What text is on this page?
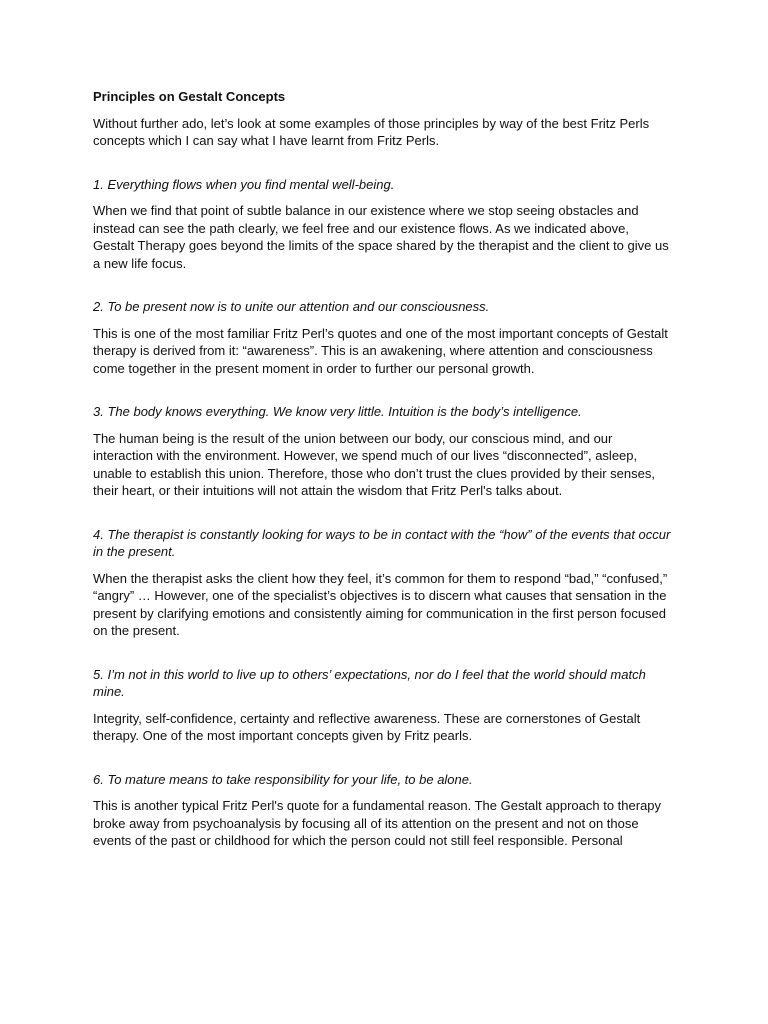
Principles on Gestalt Concepts

Without further ado, let’s look at some examples of those principles by way of the best Fritz Perls concepts which I can say what I have learnt from Fritz Perls.

1. Everything flows when you find mental well-being.

When we find that point of subtle balance in our existence where we stop seeing obstacles and instead can see the path clearly, we feel free and our existence flows. As we indicated above, Gestalt Therapy goes beyond the limits of the space shared by the therapist and the client to give us a new life focus.

2. To be present now is to unite our attention and our consciousness.

This is one of the most familiar Fritz Perl’s quotes and one of the most important concepts of Gestalt therapy is derived from it: “awareness”. This is an awakening, where attention and consciousness come together in the present moment in order to further our personal growth.

3. The body knows everything. We know very little. Intuition is the body’s intelligence.

The human being is the result of the union between our body, our conscious mind, and our interaction with the environment. However, we spend much of our lives “disconnected”, asleep, unable to establish this union. Therefore, those who don’t trust the clues provided by their senses, their heart, or their intuitions will not attain the wisdom that Fritz Perl's talks about.

4. The therapist is constantly looking for ways to be in contact with the “how” of the events that occur in the present.

When the therapist asks the client how they feel, it’s common for them to respond “bad,” “confused,” “angry” … However, one of the specialist’s objectives is to discern what causes that sensation in the present by clarifying emotions and consistently aiming for communication in the first person focused on the present.

5. I’m not in this world to live up to others’ expectations, nor do I feel that the world should match mine.

Integrity, self-confidence, certainty and reflective awareness. These are cornerstones of Gestalt therapy. One of the most important concepts given by Fritz pearls.

6. To mature means to take responsibility for your life, to be alone.

This is another typical Fritz Perl's quote for a fundamental reason. The Gestalt approach to therapy broke away from psychoanalysis by focusing all of its attention on the present and not on those events of the past or childhood for which the person could not still feel responsible. Personal
